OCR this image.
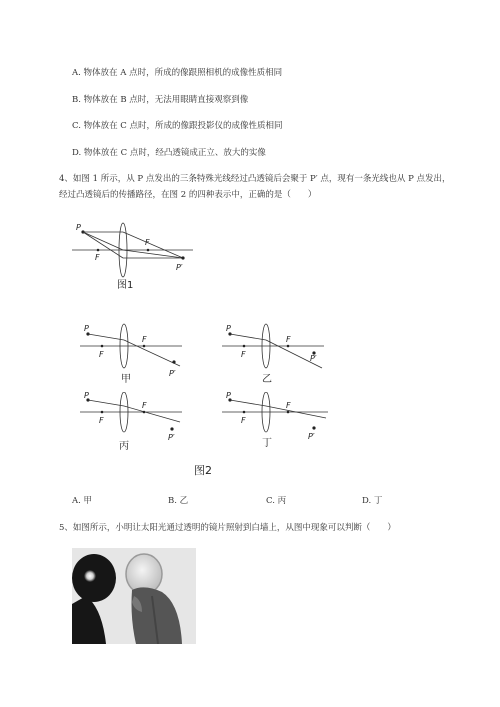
A. 物体放在 A 点时，所成的像跟照相机的成像性质相同
B. 物体放在 B 点时，无法用眼睛直接观察到像
C. 物体放在 C 点时，所成的像跟投影仪的成像性质相同
D. 物体放在 C 点时，经凸透镜成正立、放大的实像
4、如图 1 所示，从 P 点发出的三条特殊光线经过凸透镜后会聚于 P′ 点，现有一条光线也从 P 点发出，
经过凸透镜后的传播路径，在图 2 的四种表示中，正确的是（　　）
P
F
F
P′
图1
P
F
F
P′
甲
P
F
F	P′
乙
P
F
F
P′
丙
P
F
F
P′
丁
图2
A. 甲	B. 乙	C. 丙	D. 丁
5、如图所示，小明让太阳光通过透明的镜片照射到白墙上，从图中现象可以判断（　　）
